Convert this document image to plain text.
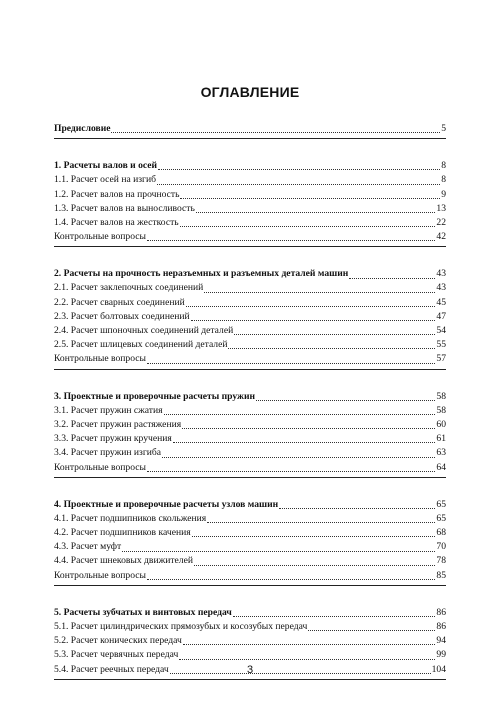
ОГЛАВЛЕНИЕ
Предисловие	5
1. Расчеты валов и осей	8
1.1. Расчет осей на изгиб	8
1.2. Расчет валов на прочность	9
1.3. Расчет валов на выносливость	13
1.4. Расчет валов на жесткость	22
Контрольные вопросы	42
2. Расчеты на прочность неразъемных и разъемных деталей машин	43
2.1. Расчет заклепочных соединений	43
2.2. Расчет сварных соединений	45
2.3. Расчет болтовых соединений	47
2.4. Расчет шпоночных соединений деталей	54
2.5. Расчет шлицевых соединений деталей	55
Контрольные вопросы	57
3. Проектные и проверочные расчеты пружин	58
3.1. Расчет пружин сжатия	58
3.2. Расчет пружин растяжения	60
3.3. Расчет пружин кручения	61
3.4. Расчет пружин изгиба	63
Контрольные вопросы	64
4. Проектные и проверочные расчеты узлов машин	65
4.1. Расчет подшипников скольжения	65
4.2. Расчет подшипников качения	68
4.3. Расчет муфт	70
4.4. Расчет шнековых движителей	78
Контрольные вопросы	85
5. Расчеты зубчатых и винтовых передач	86
5.1. Расчет цилиндрических прямозубых и косозубых передач	86
5.2. Расчет конических передач	94
5.3. Расчет червячных передач	99
5.4. Расчет реечных передач	104
3
